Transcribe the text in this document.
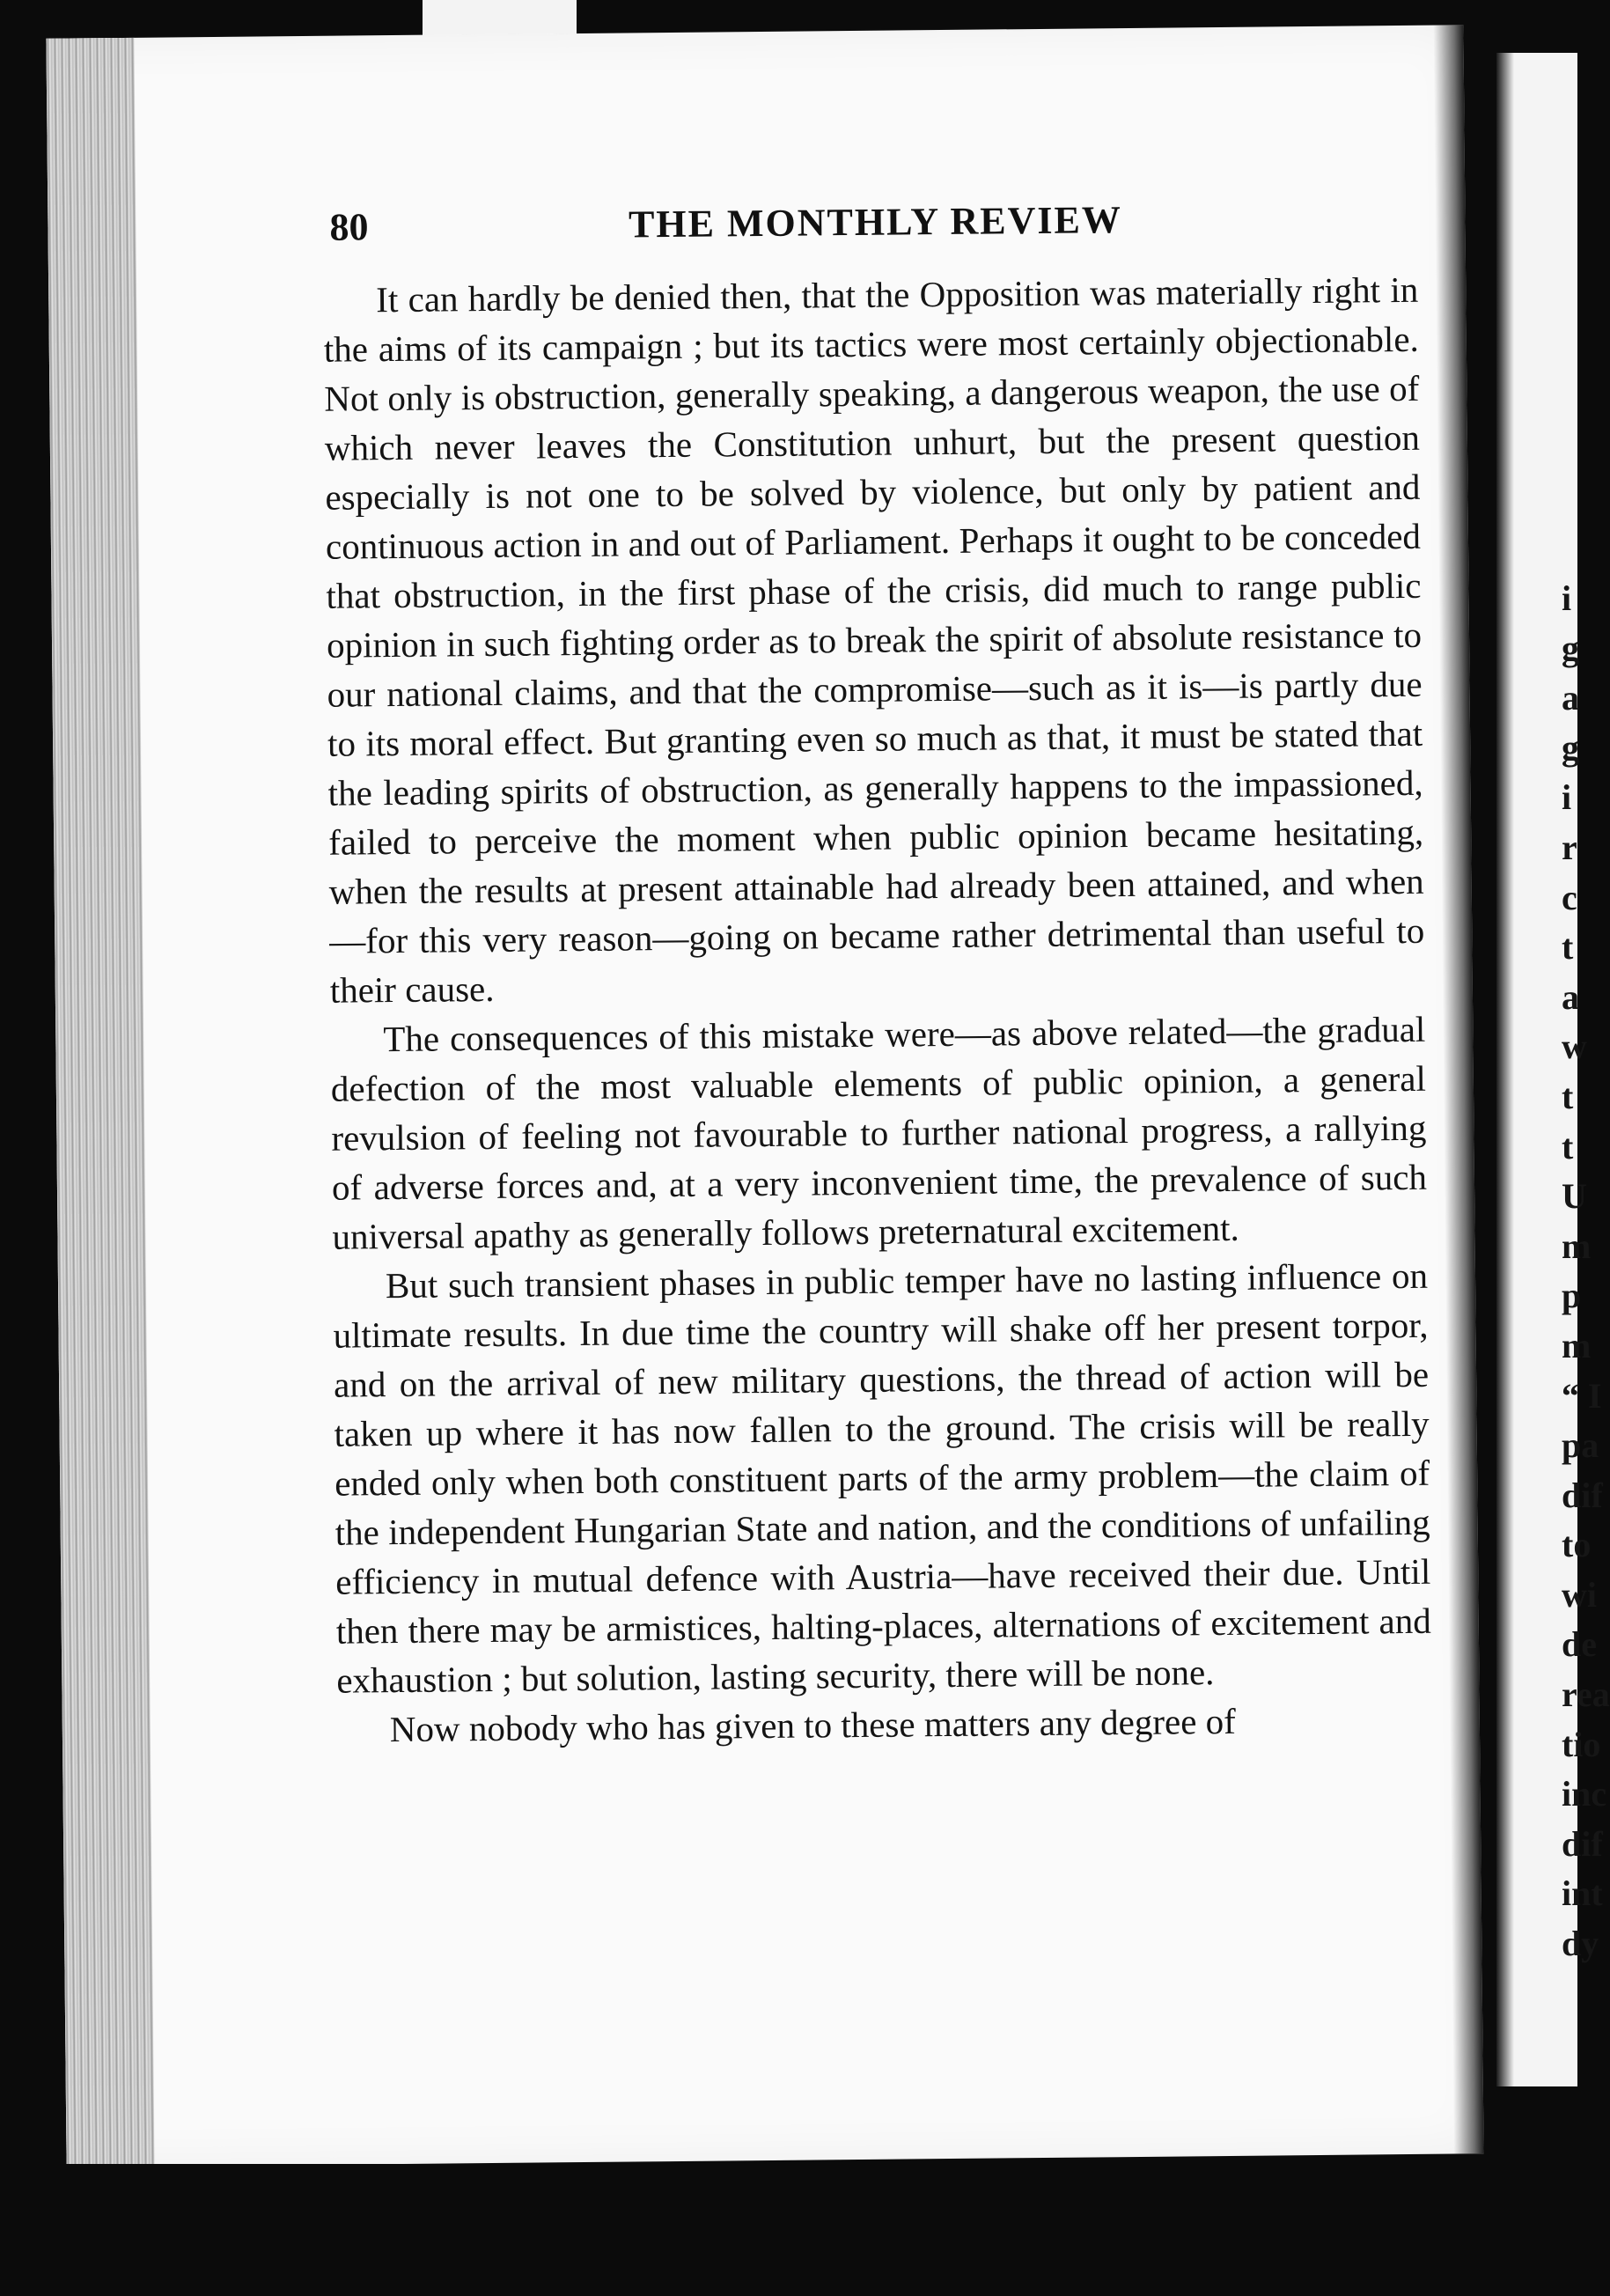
80	THE MONTHLY REVIEW

It can hardly be denied then, that the Opposition was materially right in the aims of its campaign ; but its tactics were most certainly objectionable. Not only is obstruction, generally speaking, a dangerous weapon, the use of which never leaves the Constitution unhurt, but the present question especially is not one to be solved by violence, but only by patient and continuous action in and out of Parliament. Perhaps it ought to be conceded that obstruction, in the first phase of the crisis, did much to range public opinion in such fighting order as to break the spirit of absolute resistance to our national claims, and that the compromise—such as it is—is partly due to its moral effect. But granting even so much as that, it must be stated that the leading spirits of obstruction, as generally happens to the impassioned, failed to perceive the moment when public opinion became hesitating, when the results at present attainable had already been attained, and when—for this very reason—going on became rather detrimental than useful to their cause.

The consequences of this mistake were—as above related—the gradual defection of the most valuable elements of public opinion, a general revulsion of feeling not favourable to further national progress, a rallying of adverse forces and, at a very inconvenient time, the prevalence of such universal apathy as generally follows preternatural excitement.

But such transient phases in public temper have no lasting influence on ultimate results. In due time the country will shake off her present torpor, and on the arrival of new military questions, the thread of action will be taken up where it has now fallen to the ground. The crisis will be really ended only when both constituent parts of the army problem—the claim of the independent Hungarian State and nation, and the conditions of unfailing efficiency in mutual defence with Austria—have received their due. Until then there may be armistices, halting-places, alternations of excitement and exhaustion ; but solution, lasting security, there will be none.

Now nobody who has given to these matters any degree of

i
g
a
g
i
r
c
t
a
w
t
t
U
m
p
m
“ I
pa
dif
to
wi
de
rea
tio
inc
dif
int
dy
